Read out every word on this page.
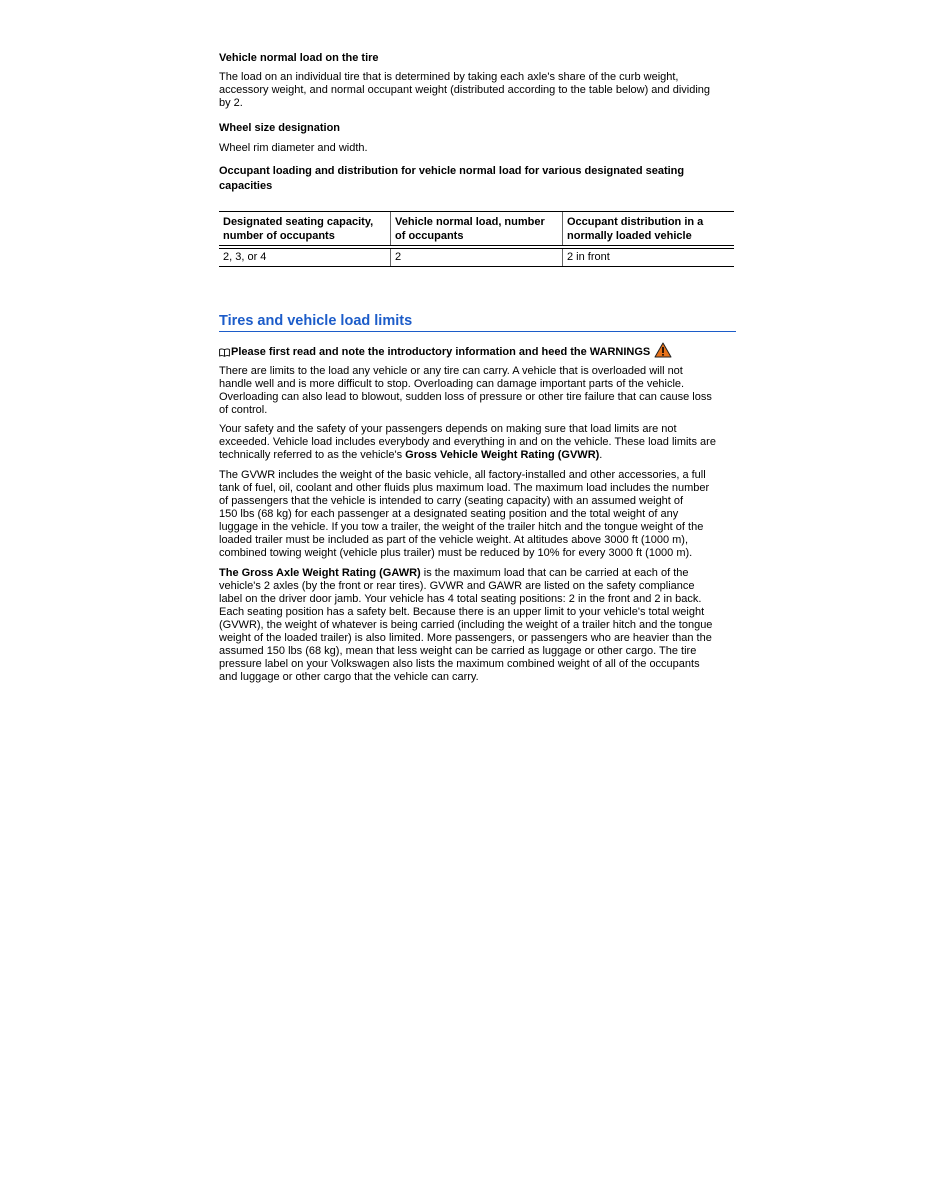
Vehicle normal load on the tire
The load on an individual tire that is determined by taking each axle's share of the curb weight,
accessory weight, and normal occupant weight (distributed according to the table below) and dividing
by 2.
Wheel size designation
Wheel rim diameter and width.
Occupant loading and distribution for vehicle normal load for various designated seating
capacities
Designated seating capacity,
number of occupants
Vehicle normal load, number
of occupants
Occupant distribution in a
normally loaded vehicle
2, 3, or 4	2	2 in front
Tires and vehicle load limits
Please first read and note the introductory information and heed the WARNINGS
There are limits to the load any vehicle or any tire can carry. A vehicle that is overloaded will not
handle well and is more difficult to stop. Overloading can damage important parts of the vehicle.
Overloading can also lead to blowout, sudden loss of pressure or other tire failure that can cause loss
of control.
Your safety and the safety of your passengers depends on making sure that load limits are not
exceeded. Vehicle load includes everybody and everything in and on the vehicle. These load limits are
technically referred to as the vehicle's Gross Vehicle Weight Rating (GVWR).
The GVWR includes the weight of the basic vehicle, all factory-installed and other accessories, a full
tank of fuel, oil, coolant and other fluids plus maximum load. The maximum load includes the number
of passengers that the vehicle is intended to carry (seating capacity) with an assumed weight of
150 lbs (68 kg) for each passenger at a designated seating position and the total weight of any
luggage in the vehicle. If you tow a trailer, the weight of the trailer hitch and the tongue weight of the
loaded trailer must be included as part of the vehicle weight. At altitudes above 3000 ft (1000 m),
combined towing weight (vehicle plus trailer) must be reduced by 10% for every 3000 ft (1000 m).
The Gross Axle Weight Rating (GAWR) is the maximum load that can be carried at each of the
vehicle's 2 axles (by the front or rear tires). GVWR and GAWR are listed on the safety compliance
label on the driver door jamb. Your vehicle has 4 total seating positions: 2 in the front and 2 in back.
Each seating position has a safety belt. Because there is an upper limit to your vehicle's total weight
(GVWR), the weight of whatever is being carried (including the weight of a trailer hitch and the tongue
weight of the loaded trailer) is also limited. More passengers, or passengers who are heavier than the
assumed 150 lbs (68 kg), mean that less weight can be carried as luggage or other cargo. The tire
pressure label on your Volkswagen also lists the maximum combined weight of all of the occupants
and luggage or other cargo that the vehicle can carry.
